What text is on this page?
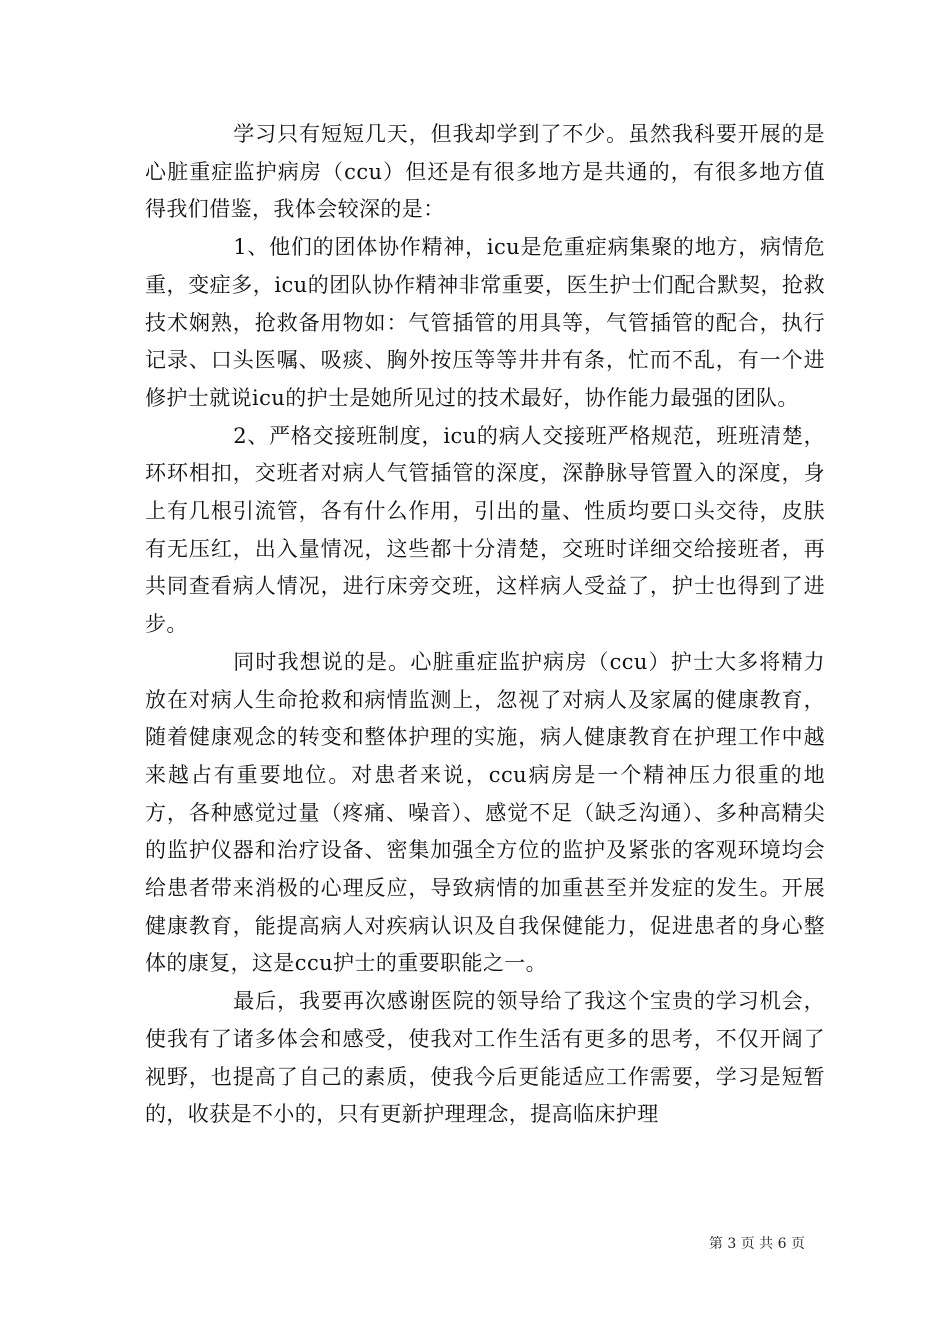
学习只有短短几天，但我却学到了不少。虽然我科要开展的是心脏重症监护病房（ccu）但还是有很多地方是共通的，有很多地方值得我们借鉴，我体会较深的是：

1、他们的团体协作精神，icu是危重症病集聚的地方，病情危重，变症多，icu的团队协作精神非常重要，医生护士们配合默契，抢救技术娴熟，抢救备用物如：气管插管的用具等，气管插管的配合，执行记录、口头医嘱、吸痰、胸外按压等等井井有条，忙而不乱，有一个进修护士就说icu的护士是她所见过的技术最好，协作能力最强的团队。

2、严格交接班制度，icu的病人交接班严格规范，班班清楚，环环相扣，交班者对病人气管插管的深度，深静脉导管置入的深度，身上有几根引流管，各有什么作用，引出的量、性质均要口头交待，皮肤有无压红，出入量情况，这些都十分清楚，交班时详细交给接班者，再共同查看病人情况，进行床旁交班，这样病人受益了，护士也得到了进步。

同时我想说的是。心脏重症监护病房（ccu）护士大多将精力放在对病人生命抢救和病情监测上，忽视了对病人及家属的健康教育，随着健康观念的转变和整体护理的实施，病人健康教育在护理工作中越来越占有重要地位。对患者来说，ccu病房是一个精神压力很重的地方，各种感觉过量（疼痛、噪音）、感觉不足（缺乏沟通）、多种高精尖的监护仪器和治疗设备、密集加强全方位的监护及紧张的客观环境均会给患者带来消极的心理反应，导致病情的加重甚至并发症的发生。开展健康教育，能提高病人对疾病认识及自我保健能力，促进患者的身心整体的康复，这是ccu护士的重要职能之一。

最后，我要再次感谢医院的领导给了我这个宝贵的学习机会，使我有了诸多体会和感受，使我对工作生活有更多的思考，不仅开阔了视野，也提高了自己的素质，使我今后更能适应工作需要，学习是短暂的，收获是不小的，只有更新护理理念，提高临床护理

第 3 页 共 6 页
